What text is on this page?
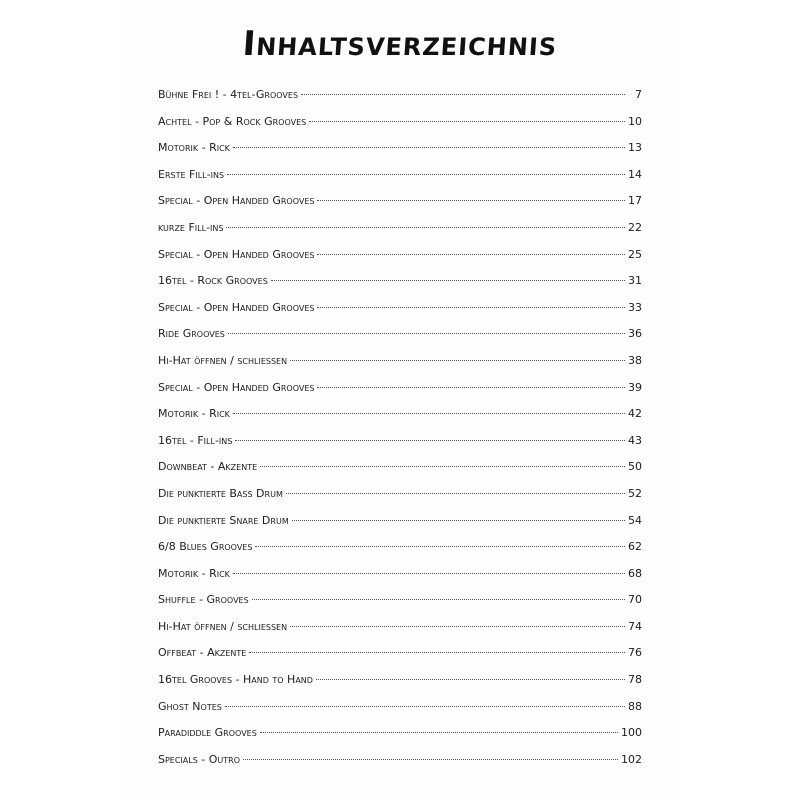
Inhaltsverzeichnis
Bühne Frei ! - 4tel-Grooves	7
Achtel - Pop & Rock Grooves	10
Motorik - Rick	13
Erste Fill-ins	14
Special - Open Handed Grooves	17
kurze Fill-ins	22
Special - Open Handed Grooves	25
16tel - Rock Grooves	31
Special - Open Handed Grooves	33
Ride Grooves	36
Hi-Hat öffnen / schliessen	38
Special - Open Handed Grooves	39
Motorik - Rick	42
16tel - Fill-ins	43
Downbeat - Akzente	50
Die punktierte Bass Drum	52
Die punktierte Snare Drum	54
6/8 Blues Grooves	62
Motorik - Rick	68
Shuffle - Grooves	70
Hi-Hat öffnen / schliessen	74
Offbeat - Akzente	76
16tel Grooves - Hand to Hand	78
Ghost Notes	88
Paradiddle Grooves	100
Specials - Outro	102
